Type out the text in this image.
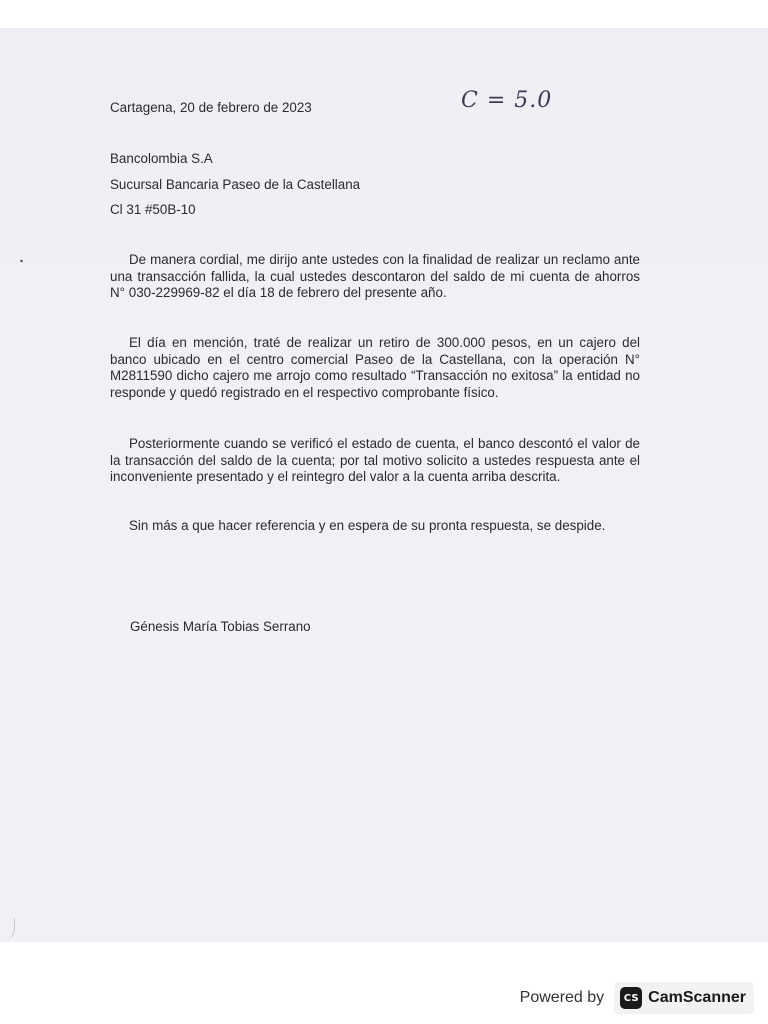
Cartagena, 20 de febrero de 2023	C = 5.0
Bancolombia S.A
Sucursal Bancaria Paseo de la Castellana
Cl 31 #50B-10
De manera cordial, me dirijo ante ustedes con la finalidad de realizar un reclamo ante una transacción fallida, la cual ustedes descontaron del saldo de mi cuenta de ahorros N° 030-229969-82 el día 18 de febrero del presente año.
El día en mención, traté de realizar un retiro de 300.000 pesos, en un cajero del banco ubicado en el centro comercial Paseo de la Castellana, con la operación N° M2811590 dicho cajero me arrojo como resultado “Transacción no exitosa” la entidad no responde y quedó registrado en el respectivo comprobante físico.
Posteriormente cuando se verificó el estado de cuenta, el banco descontó el valor de la transacción del saldo de la cuenta; por tal motivo solicito a ustedes respuesta ante el inconveniente presentado y el reintegro del valor a la cuenta arriba descrita.
Sin más a que hacer referencia y en espera de su pronta respuesta, se despide.
Génesis María Tobias Serrano
Powered by	CS CamScanner
